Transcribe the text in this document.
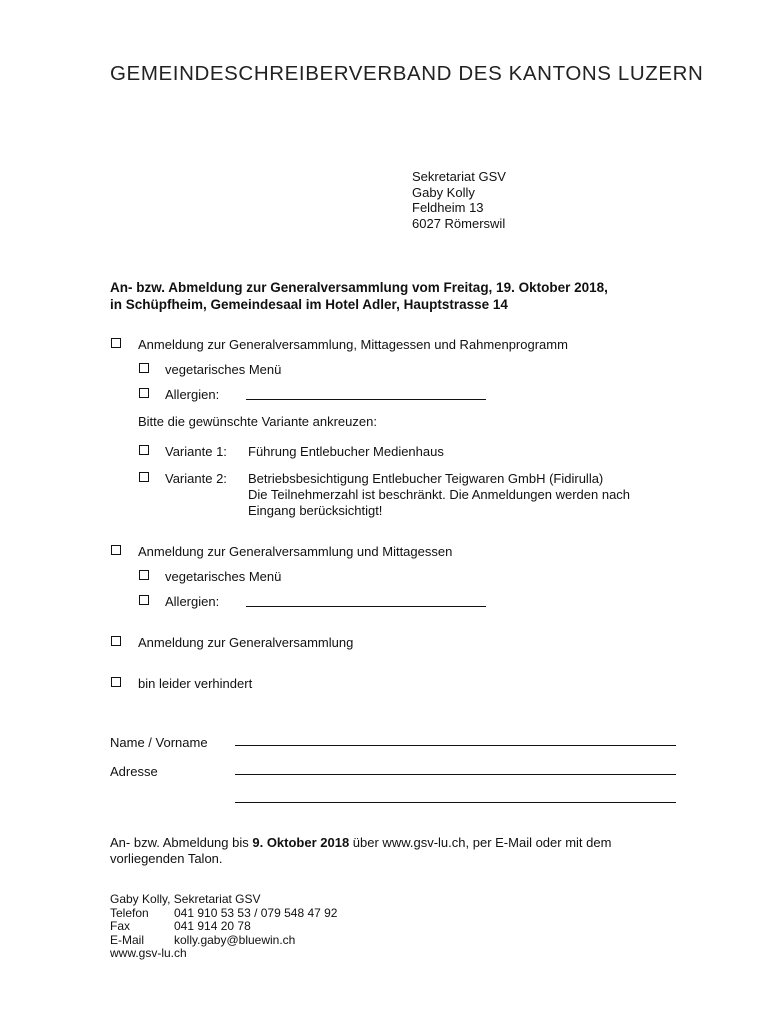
GEMEINDESCHREIBERVERBAND DES KANTONS LUZERN
Sekretariat GSV
Gaby Kolly
Feldheim 13
6027 Römerswil
An- bzw. Abmeldung zur Generalversammlung vom Freitag, 19. Oktober 2018,
in Schüpfheim, Gemeindesaal im Hotel Adler, Hauptstrasse 14
Anmeldung zur Generalversammlung, Mittagessen und Rahmenprogramm
vegetarisches Menü
Allergien:
Bitte die gewünschte Variante ankreuzen:
Variante 1: Führung Entlebucher Medienhaus
Variante 2: Betriebsbesichtigung Entlebucher Teigwaren GmbH (Fidirulla)
Die Teilnehmerzahl ist beschränkt. Die Anmeldungen werden nach
Eingang berücksichtigt!
Anmeldung zur Generalversammlung und Mittagessen
vegetarisches Menü
Allergien:
Anmeldung zur Generalversammlung
bin leider verhindert
Name / Vorname
Adresse
An- bzw. Abmeldung bis 9. Oktober 2018 über www.gsv-lu.ch, per E-Mail oder mit dem
vorliegenden Talon.
Gaby Kolly, Sekretariat GSV
Telefon 041 910 53 53 / 079 548 47 92
Fax	041 914 20 78
E-Mail kolly.gaby@bluewin.ch
www.gsv-lu.ch
